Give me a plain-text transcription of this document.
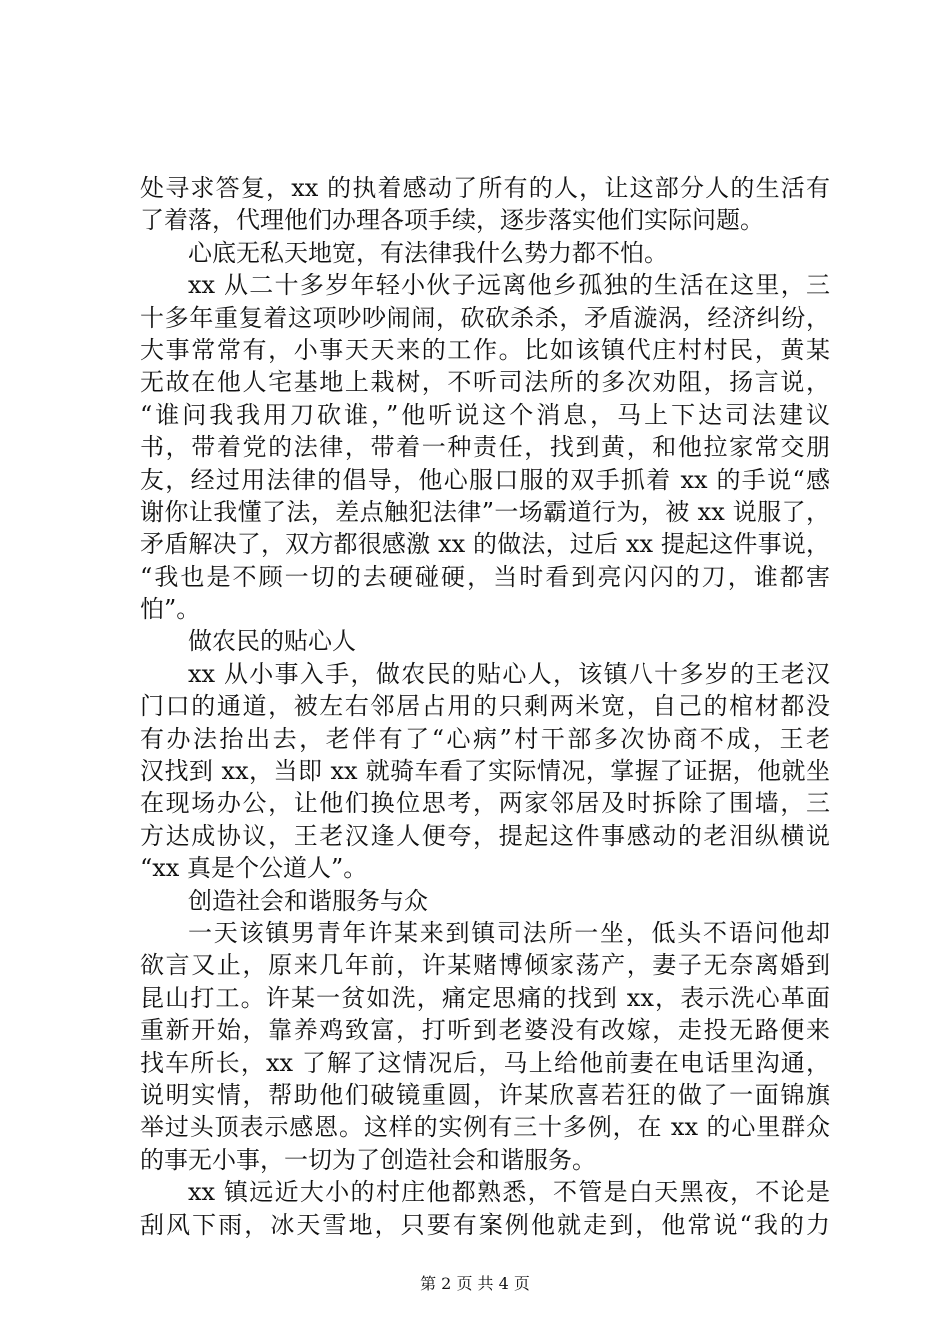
处寻求答复，xx 的执着感动了所有的人，让这部分人的生活有
了着落，代理他们办理各项手续，逐步落实他们实际问题。
心底无私天地宽，有法律我什么势力都不怕。
xx 从二十多岁年轻小伙子远离他乡孤独的生活在这里，三
十多年重复着这项吵吵闹闹，砍砍杀杀，矛盾漩涡，经济纠纷，
大事常常有，小事天天来的工作。比如该镇代庄村村民，黄某
无故在他人宅基地上栽树，不听司法所的多次劝阻，扬言说，
“谁问我我用刀砍谁，”他听说这个消息，马上下达司法建议
书，带着党的法律，带着一种责任，找到黄，和他拉家常交朋
友，经过用法律的倡导，他心服口服的双手抓着 xx 的手说“感
谢你让我懂了法，差点触犯法律”一场霸道行为，被 xx 说服了，
矛盾解决了，双方都很感激 xx 的做法，过后 xx 提起这件事说，
“我也是不顾一切的去硬碰硬，当时看到亮闪闪的刀，谁都害
怕”。
做农民的贴心人
xx 从小事入手，做农民的贴心人，该镇八十多岁的王老汉
门口的通道，被左右邻居占用的只剩两米宽，自己的棺材都没
有办法抬出去，老伴有了“心病”村干部多次协商不成，王老
汉找到 xx，当即 xx 就骑车看了实际情况，掌握了证据，他就坐
在现场办公，让他们换位思考，两家邻居及时拆除了围墙，三
方达成协议，王老汉逢人便夸，提起这件事感动的老泪纵横说
“xx 真是个公道人”。
创造社会和谐服务与众
一天该镇男青年许某来到镇司法所一坐，低头不语问他却
欲言又止，原来几年前，许某赌博倾家荡产，妻子无奈离婚到
昆山打工。许某一贫如洗，痛定思痛的找到 xx，表示洗心革面
重新开始，靠养鸡致富，打听到老婆没有改嫁，走投无路便来
找车所长，xx 了解了这情况后，马上给他前妻在电话里沟通，
说明实情，帮助他们破镜重圆，许某欣喜若狂的做了一面锦旗
举过头顶表示感恩。这样的实例有三十多例，在 xx 的心里群众
的事无小事，一切为了创造社会和谐服务。
xx 镇远近大小的村庄他都熟悉，不管是白天黑夜，不论是
刮风下雨，冰天雪地，只要有案例他就走到，他常说“我的力
第 2 页 共 4 页
